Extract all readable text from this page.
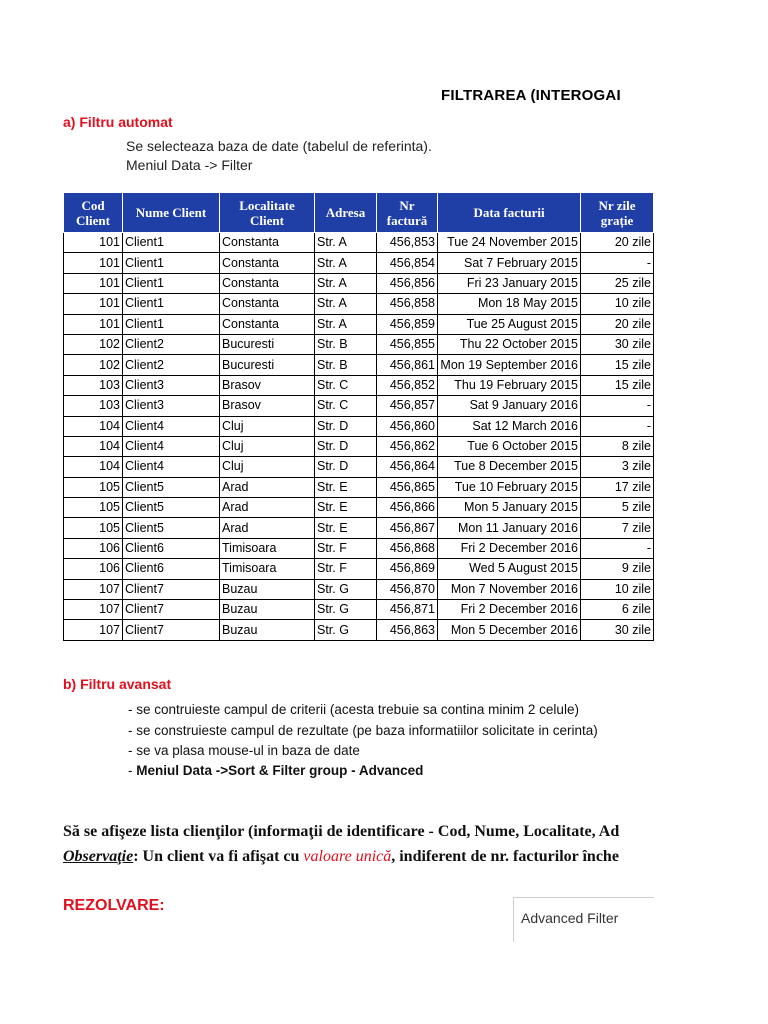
FILTRAREA (INTEROGAI
a) Filtru automat
Se selecteaza baza de date (tabelul de referinta).
Meniul Data -> Filter
Cod Client	Nume Client	Localitate Client	Adresa	Nr factură	Data facturii	Nr zile grație
101	Client1	Constanta	Str. A	456,853	Tue 24 November 2015	20 zile
101	Client1	Constanta	Str. A	456,854	Sat 7 February 2015	-
101	Client1	Constanta	Str. A	456,856	Fri 23 January 2015	25 zile
101	Client1	Constanta	Str. A	456,858	Mon 18 May 2015	10 zile
101	Client1	Constanta	Str. A	456,859	Tue 25 August 2015	20 zile
102	Client2	Bucuresti	Str. B	456,855	Thu 22 October 2015	30 zile
102	Client2	Bucuresti	Str. B	456,861	Mon 19 September 2016	15 zile
103	Client3	Brasov	Str. C	456,852	Thu 19 February 2015	15 zile
103	Client3	Brasov	Str. C	456,857	Sat 9 January 2016	-
104	Client4	Cluj	Str. D	456,860	Sat 12 March 2016	-
104	Client4	Cluj	Str. D	456,862	Tue 6 October 2015	8 zile
104	Client4	Cluj	Str. D	456,864	Tue 8 December 2015	3 zile
105	Client5	Arad	Str. E	456,865	Tue 10 February 2015	17 zile
105	Client5	Arad	Str. E	456,866	Mon 5 January 2015	5 zile
105	Client5	Arad	Str. E	456,867	Mon 11 January 2016	7 zile
106	Client6	Timisoara	Str. F	456,868	Fri 2 December 2016	-
106	Client6	Timisoara	Str. F	456,869	Wed 5 August 2015	9 zile
107	Client7	Buzau	Str. G	456,870	Mon 7 November 2016	10 zile
107	Client7	Buzau	Str. G	456,871	Fri 2 December 2016	6 zile
107	Client7	Buzau	Str. G	456,863	Mon 5 December 2016	30 zile
b) Filtru avansat
- se contruieste campul de criterii (acesta trebuie sa contina minim 2 celule)
- se construieste campul de rezultate (pe baza informatiilor solicitate in cerinta)
- se va plasa mouse-ul in baza de date
- Meniul Data ->Sort & Filter group - Advanced
Să se afişeze lista clienţilor (informaţii de identificare - Cod, Nume, Localitate, Ad
Observaţie: Un client va fi afişat cu valoare unică, indiferent de nr. facturilor închе
REZOLVARE:
Advanced Filter
